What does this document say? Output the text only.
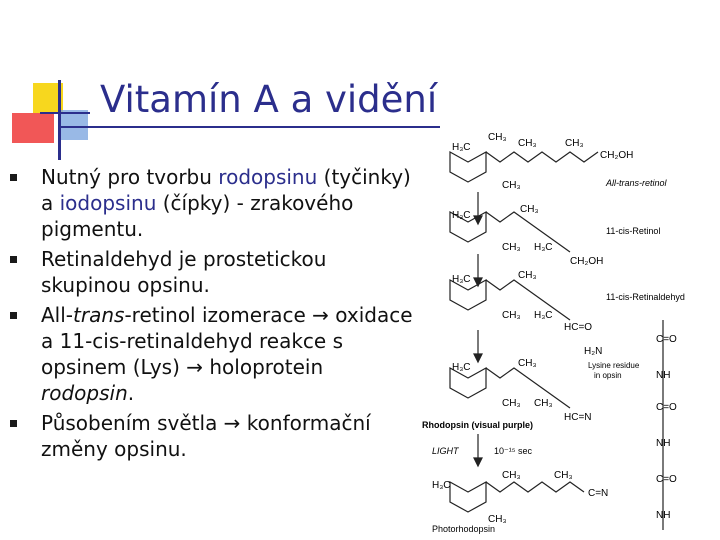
Vitamín A a vidění
Nutný pro tvorbu rodopsinu (tyčinky) a iodopsinu (čípky) - zrakového pigmentu.
Retinaldehyd je prostetickou skupinou opsinu.
All-trans-retinol izomerace → oxidace a 11-cis-retinaldehyd reakce s opsinem (Lys) → holoprotein rodopsin.
Působením světla → konformační změny opsinu.
H₃C
CH₃
CH₃	CH₃
CH₂OH
CH₃	All-trans-retinol
H₃C
CH₃
CH₃ H₃C
CH₂OH
11-cis-Retinol
H₃C	CH₃
CH₃ H₃C
HC=O
11-cis-Retinaldehyd
C=O
H₂N
Lysine residue
in opsin	NH
H₃C	CH₃
CH₃ CH₃
HC=N
C=O
Rhodopsin (visual purple)
NH
LIGHT	10⁻¹⁵ sec
H₃C
CH₃	CH₃
CH₃
C=N
C=O
NH
Photorhodopsin
